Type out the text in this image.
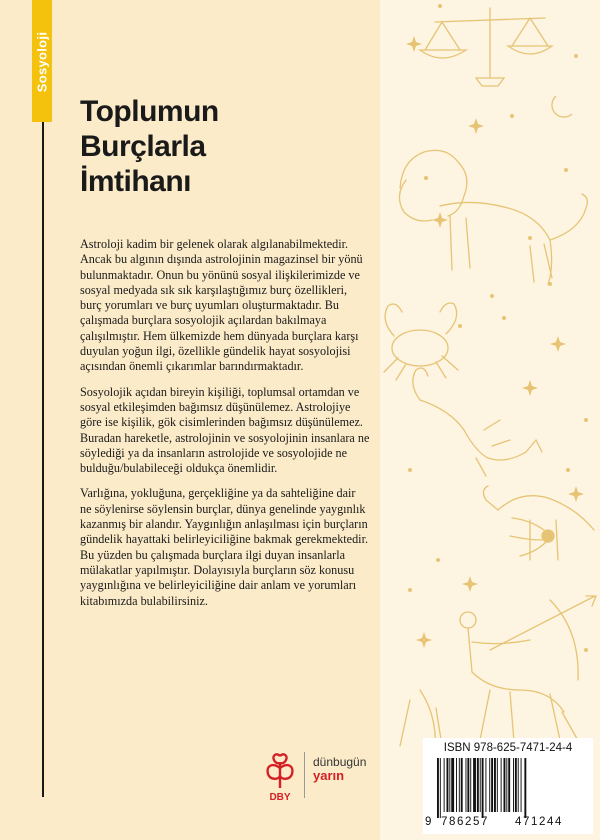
Sosyoloji
Toplumun
Burçlarla
İmtihanı

Astroloji kadim bir gelenek olarak algılanabilmektedir. Ancak bu algının dışında astrolojinin magazinsel bir yönü bulunmaktadır. Onun bu yönünü sosyal ilişkilerimizde ve sosyal medyada sık sık karşılaştığımız burç özellikleri, burç yorumları ve burç uyumları oluşturmaktadır. Bu çalışmada burçlara sosyolojik açılardan bakılmaya çalışılmıştır. Hem ülkemizde hem dünyada burçlara karşı duyulan yoğun ilgi, özellikle gündelik hayat sosyolojisi açısından önemli çıkarımlar barındırmaktadır.

Sosyolojik açıdan bireyin kişiliği, toplumsal ortamdan ve sosyal etkileşimden bağımsız düşünülemez. Astrolojiye göre ise kişilik, gök cisimlerinden bağımsız düşünülemez. Buradan hareketle, astrolojinin ve sosyolojinin insanlara ne söylediği ya da insanların astrolojide ve sosyolojide ne bulduğu/bulabileceği oldukça önemlidir.

Varlığına, yokluğuna, gerçekliğine ya da sahteliğine dair ne söylenirse söylensin burçlar, dünya genelinde yaygınlık kazanmış bir alandır. Yaygınlığın anlaşılması için burçların gündelik hayattaki belirleyiciliğine bakmak gerekmektedir. Bu yüzden bu çalışmada burçlara ilgi duyan insanlarla mülakatlar yapılmıştır. Dolayısıyla burçların söz konusu yaygınlığına ve belirleyiciliğine dair anlam ve yorumları kitabımızda bulabilirsiniz.

DBY
dünbugün
yarın
ISBN 978-625-7471-24-4
9 786257 471244
